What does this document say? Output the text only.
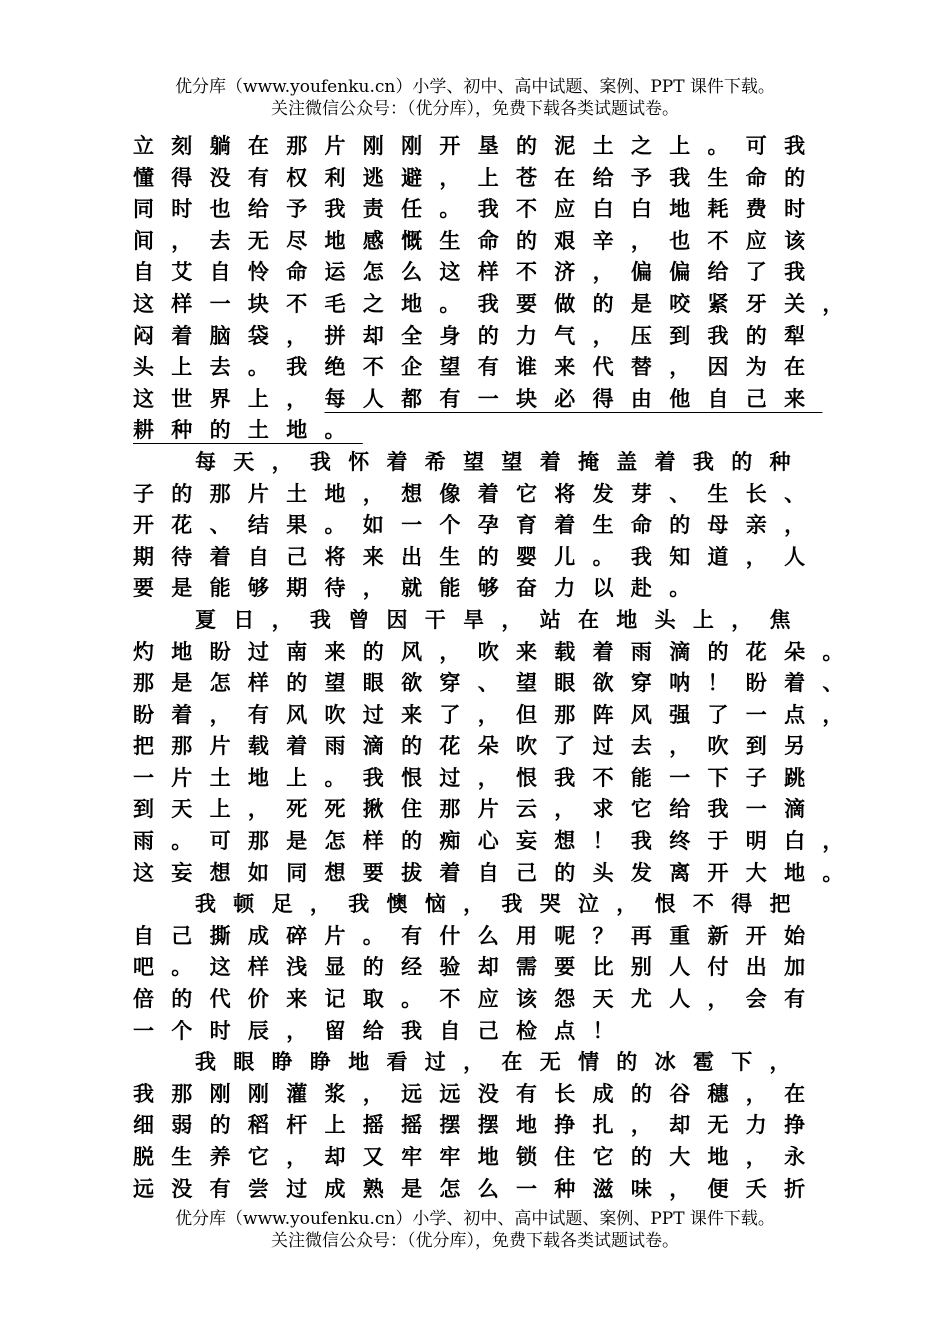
优分库（www.youfenku.cn）小学、初中、高中试题、案例、PPT 课件下载。

关注微信公众号：（优分库），免费下载各类试题试卷。

立刻躺在那片刚刚开垦的泥土之上。可我
懂得没有权利逃避，上苍在给予我生命的
同时也给予我责任。我不应白白地耗费时
间，去无尽地感慨生命的艰辛，也不应该
自艾自怜命运怎么这样不济，偏偏给了我
这样一块不毛之地。我要做的是咬紧牙关，
闷着脑袋，拼却全身的力气，压到我的犁
头上去。我绝不企望有谁来代替，因为在
这世界上，每人都有一块必得由他自己来
耕种的土地。
每天，我怀着希望望着掩盖着我的种
子的那片土地，想像着它将发芽、生长、
开花、结果。如一个孕育着生命的母亲，
期待着自己将来出生的婴儿。我知道，人
要是能够期待，就能够奋力以赴。
夏日，我曾因干旱，站在地头上，焦
灼地盼过南来的风，吹来载着雨滴的花朵。
那是怎样的望眼欲穿、望眼欲穿呐！盼着、
盼着，有风吹过来了，但那阵风强了一点，
把那片载着雨滴的花朵吹了过去，吹到另
一片土地上。我恨过，恨我不能一下子跳
到天上，死死揪住那片云，求它给我一滴
雨。可那是怎样的痴心妄想！我终于明白，
这妄想如同想要拔着自己的头发离开大地。
我顿足，我懊恼，我哭泣，恨不得把
自己撕成碎片。有什么用呢？再重新开始
吧。这样浅显的经验却需要比别人付出加
倍的代价来记取。不应该怨天尤人，会有
一个时辰，留给我自己检点！
我眼睁睁地看过，在无情的冰雹下，
我那刚刚灌浆，远远没有长成的谷穗，在
细弱的稻杆上摇摇摆摆地挣扎，却无力挣
脱生养它，却又牢牢地锁住它的大地，永
远没有尝过成熟是怎么一种滋味，便夭折

优分库（www.youfenku.cn）小学、初中、高中试题、案例、PPT 课件下载。

关注微信公众号：（优分库），免费下载各类试题试卷。
